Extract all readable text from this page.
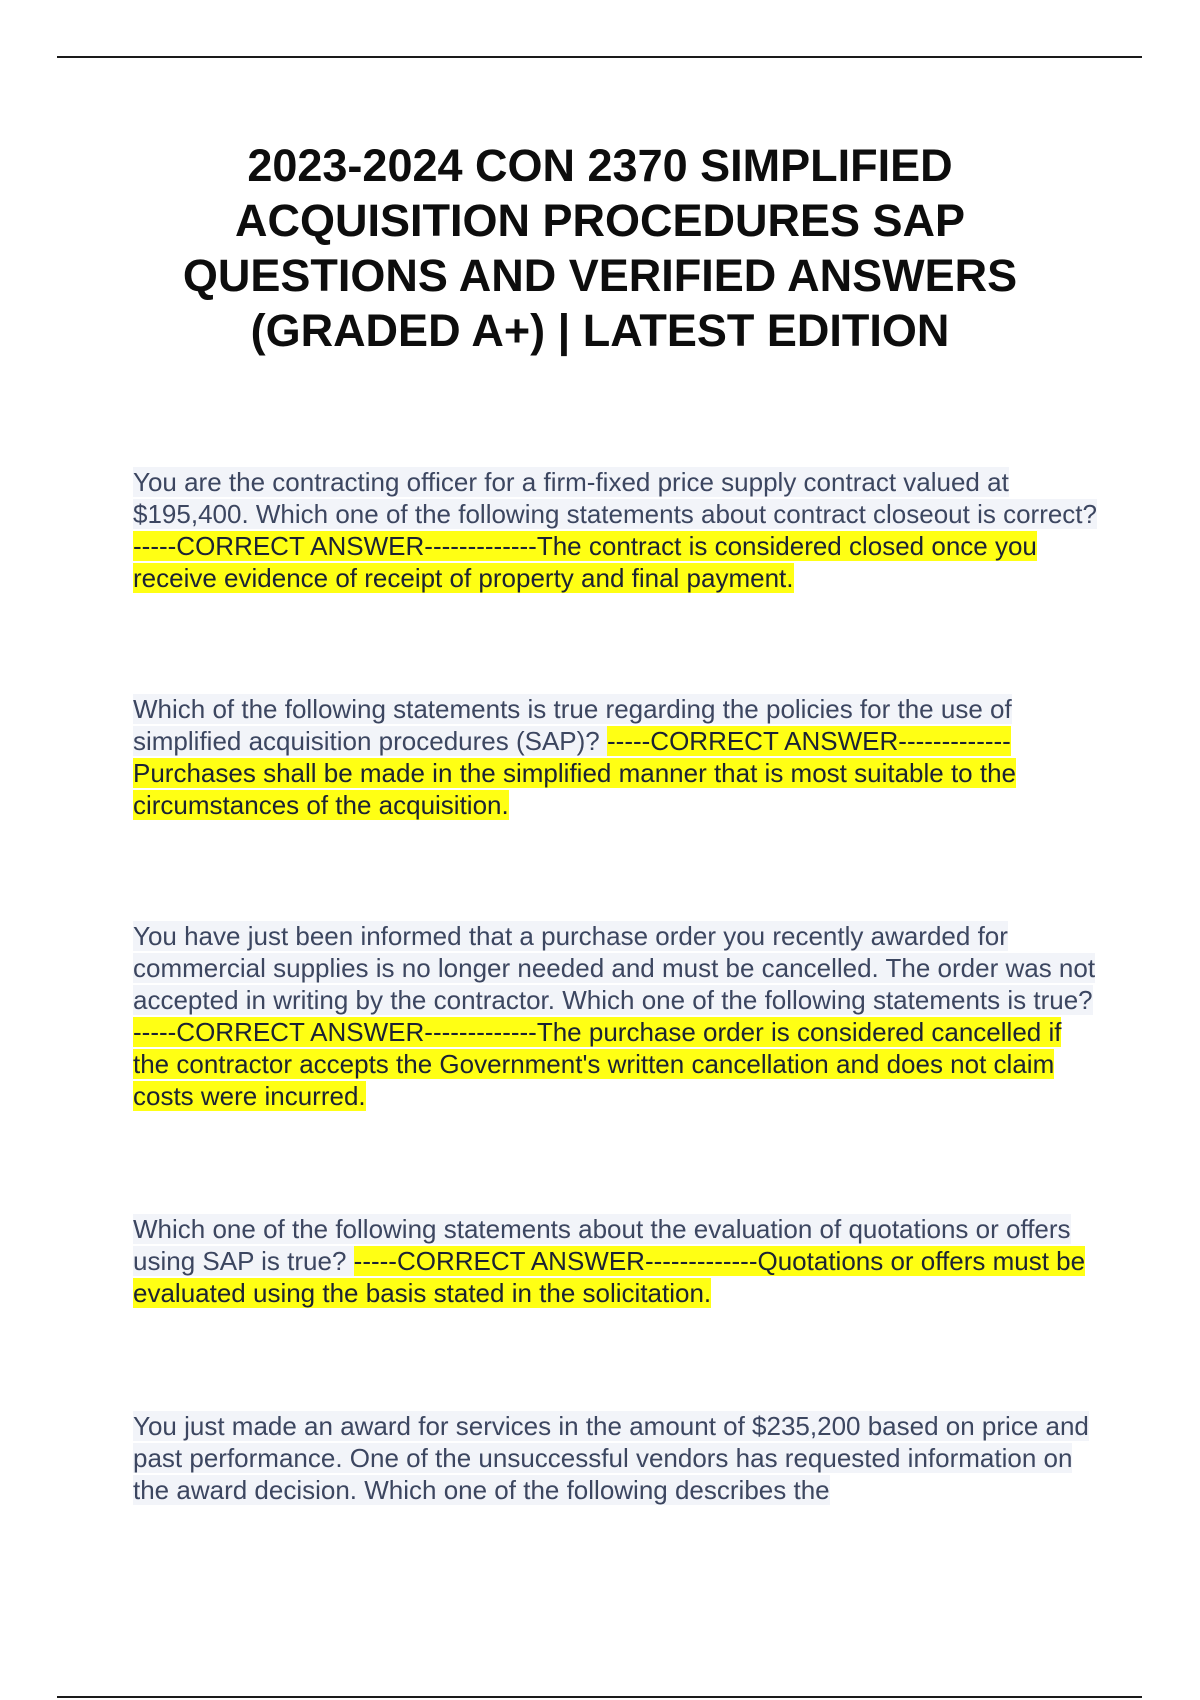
2023-2024 CON 2370 SIMPLIFIED ACQUISITION PROCEDURES SAP QUESTIONS AND VERIFIED ANSWERS (GRADED A+) | LATEST EDITION

You are the contracting officer for a firm-fixed price supply contract valued at $195,400. Which one of the following statements about contract closeout is correct? -----CORRECT ANSWER-------------The contract is considered closed once you receive evidence of receipt of property and final payment.

Which of the following statements is true regarding the policies for the use of simplified acquisition procedures (SAP)? -----CORRECT ANSWER-------------Purchases shall be made in the simplified manner that is most suitable to the circumstances of the acquisition.

You have just been informed that a purchase order you recently awarded for commercial supplies is no longer needed and must be cancelled. The order was not accepted in writing by the contractor. Which one of the following statements is true? -----CORRECT ANSWER-------------The purchase order is considered cancelled if the contractor accepts the Government's written cancellation and does not claim costs were incurred.

Which one of the following statements about the evaluation of quotations or offers using SAP is true? -----CORRECT ANSWER-------------Quotations or offers must be evaluated using the basis stated in the solicitation.

You just made an award for services in the amount of $235,200 based on price and past performance. One of the unsuccessful vendors has requested information on the award decision. Which one of the following describes the
